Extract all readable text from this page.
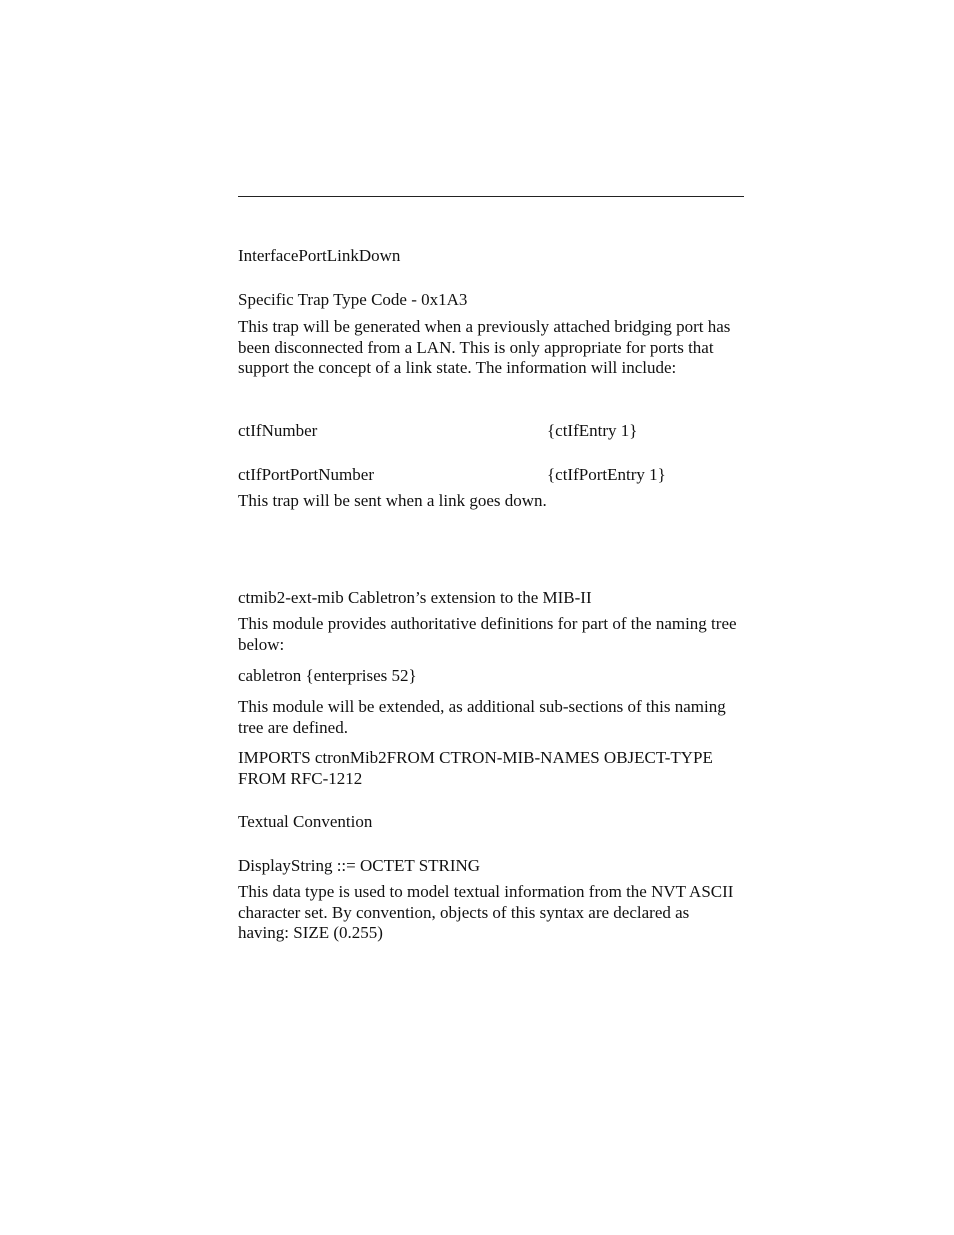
InterfacePortLinkDown

Specific Trap Type Code - 0x1A3

This trap will be generated when a previously attached bridging port has been disconnected from a LAN. This is only appropriate for ports that support the concept of a link state. The information will include:

ctIfNumber	{ctIfEntry 1}

ctIfPortPortNumber	{ctIfPortEntry 1}

This trap will be sent when a link goes down.

ctmib2-ext-mib Cabletron’s extension to the MIB-II

This module provides authoritative definitions for part of the naming tree below:

cabletron {enterprises 52}

This module will be extended, as additional sub-sections of this naming tree are defined.

IMPORTS ctronMib2FROM CTRON-MIB-NAMES OBJECT-TYPE FROM RFC-1212

Textual Convention

DisplayString ::= OCTET STRING

This data type is used to model textual information from the NVT ASCII character set. By convention, objects of this syntax are declared as having: SIZE (0.255)
